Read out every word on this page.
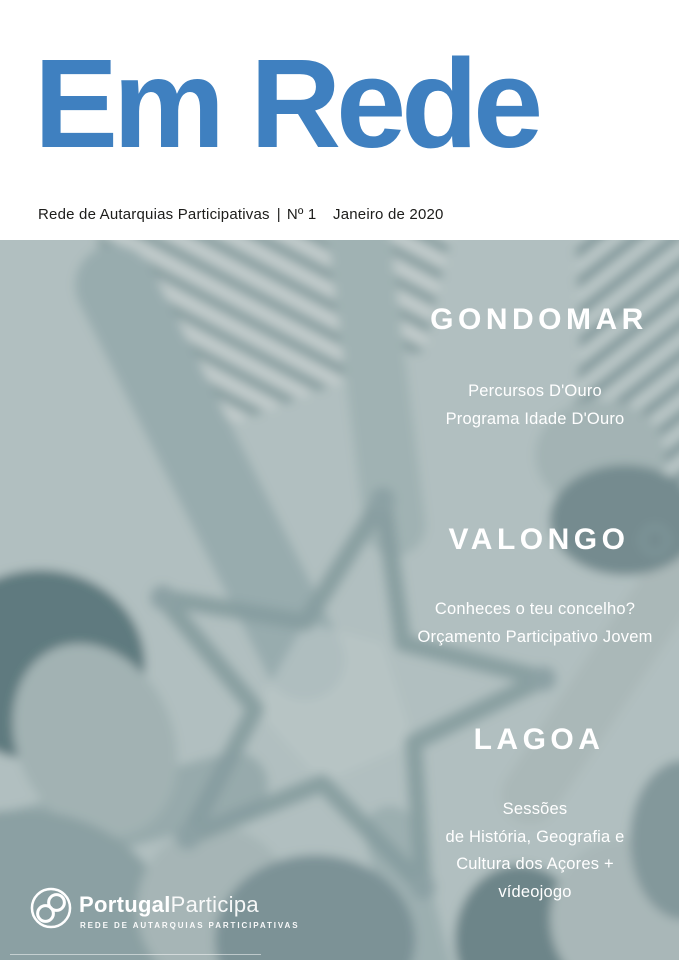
Em Rede
Rede de Autarquias Participativas | Nº 1 Janeiro de 2020
GONDOMAR
Percursos D'Ouro
Programa Idade D'Ouro
VALONGO
Conheces o teu concelho?
Orçamento Participativo Jovem
LAGOA
Sessões
de História, Geografia e
Cultura dos Açores +
vídeojogo
PortugalParticipa
REDE DE AUTARQUIAS PARTICIPATIVAS
